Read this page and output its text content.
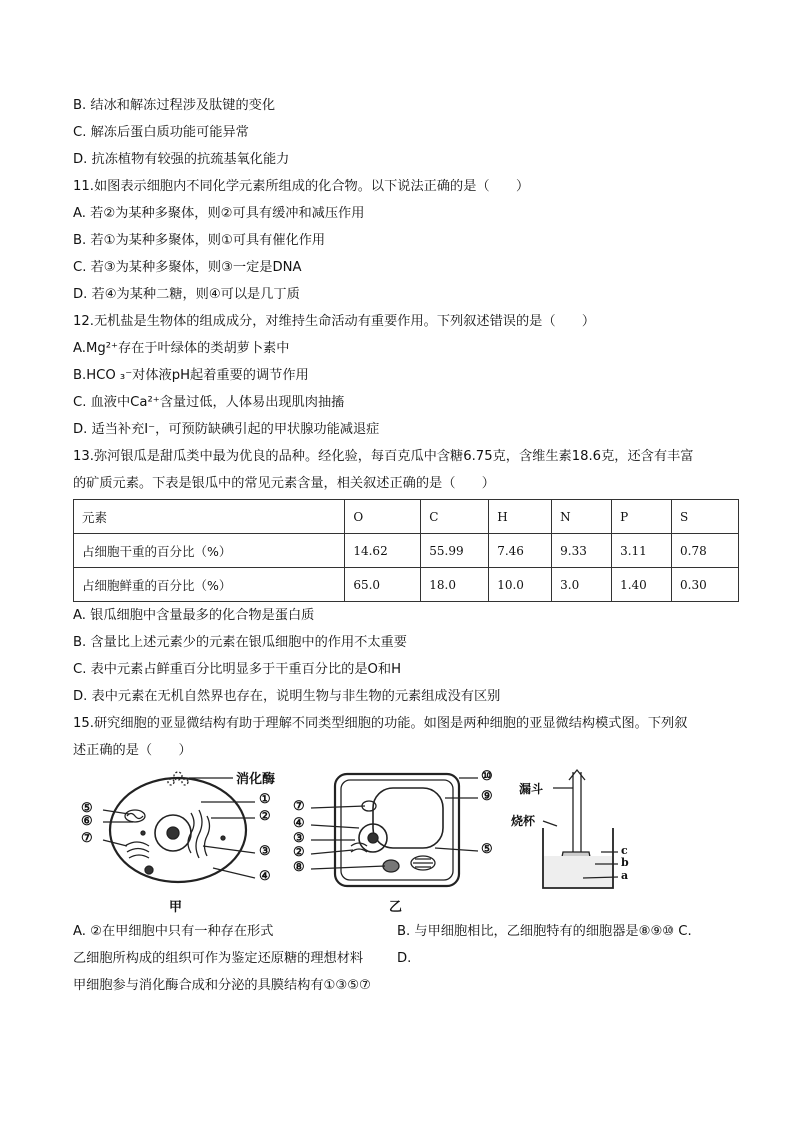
B. 结冰和解冻过程涉及肽键的变化
C. 解冻后蛋白质功能可能异常
D. 抗冻植物有较强的抗巯基氧化能力
11.如图表示细胞内不同化学元素所组成的化合物。以下说法正确的是（　　）
A. 若②为某种多聚体，则②可具有缓冲和减压作用
B. 若①为某种多聚体，则①可具有催化作用
C. 若③为某种多聚体，则③一定是DNA
D. 若④为某种二糖，则④可以是几丁质
12.无机盐是生物体的组成成分，对维持生命活动有重要作用。下列叙述错误的是（　　）
A.Mg²⁺存在于叶绿体的类胡萝卜素中
B.HCO ₃⁻对体液pH起着重要的调节作用
C. 血液中Ca²⁺含量过低，人体易出现肌肉抽搐
D. 适当补充I⁻，可预防缺碘引起的甲状腺功能减退症
13.弥河银瓜是甜瓜类中最为优良的品种。经化验，每百克瓜中含糖6.75克，含维生素18.6克，还含有丰富
的矿质元素。下表是银瓜中的常见元素含量，相关叙述正确的是（　　）
元素	O	C	H	N	P	S
占细胞干重的百分比（%）	14.62	55.99	7.46	9.33	3.11	0.78
占细胞鲜重的百分比（%）	65.0	18.0	10.0	3.0	1.40	0.30
A. 银瓜细胞中含量最多的化合物是蛋白质
B. 含量比上述元素少的元素在银瓜细胞中的作用不太重要
C. 表中元素占鲜重百分比明显多于干重百分比的是O和H
D. 表中元素在无机自然界也存在，说明生物与非生物的元素组成没有区别
15.研究细胞的亚显微结构有助于理解不同类型细胞的功能。如图是两种细胞的亚显微结构模式图。下列叙
述正确的是（　　）
消化酶
①
②
③
④
⑤
⑥
⑦
甲
⑦
④
③
②
⑧
⑩
⑨
⑤
乙
漏斗
烧杯
c
b
a
A. ②在甲细胞中只有一种存在形式	B. 与甲细胞相比，乙细胞特有的细胞器是⑧⑨⑩ C.
乙细胞所构成的组织可作为鉴定还原糖的理想材料	D.
甲细胞参与消化酶合成和分泌的具膜结构有①③⑤⑦
